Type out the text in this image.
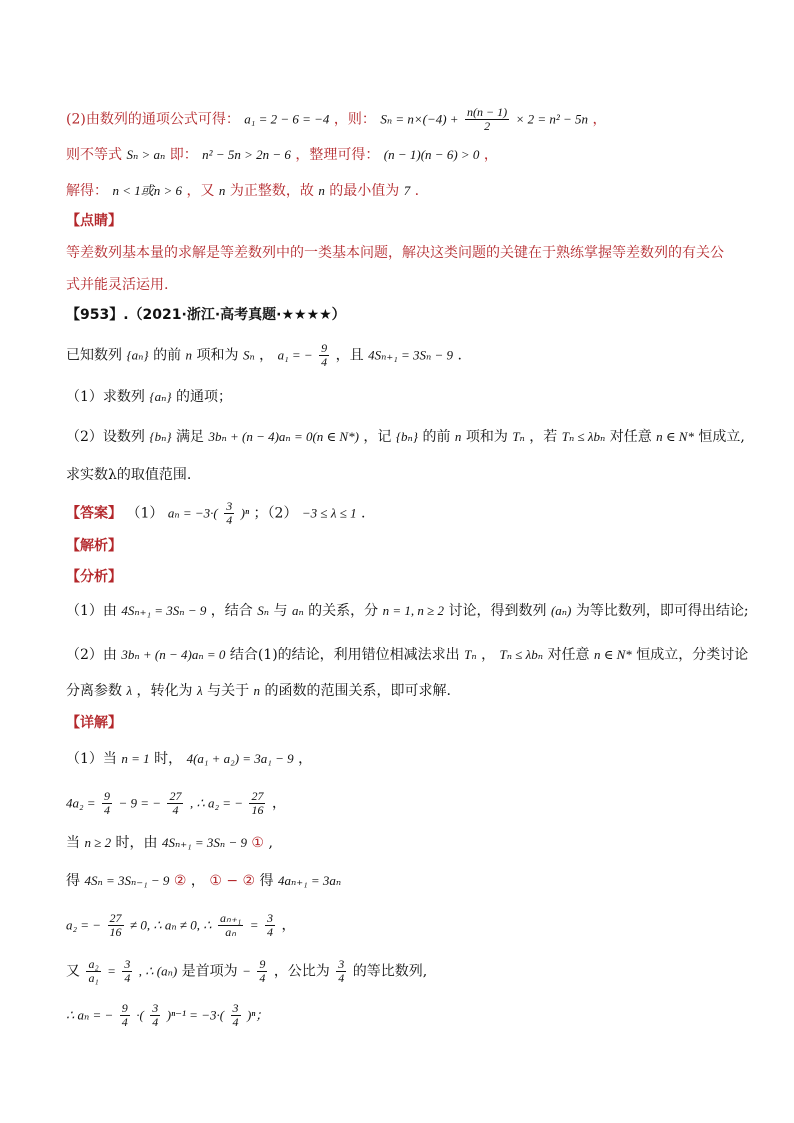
(2)由数列的通项公式可得： a₁ = 2 − 6 = −4 ，则： $S_n = n\times(-4) + \frac{n(n - 1)}{2} \times 2 = n^2 - 5n$ ，
则不等式 Sₙ > aₙ 即： n² − 5n > 2n − 6 ，整理可得： (n − 1)(n − 6) > 0 ，
解得： n < 1或n > 6 ，又 n 为正整数，故 n 的最小值为 7 .
【点睛】
等差数列基本量的求解是等差数列中的一类基本问题，解决这类问题的关键在于熟练掌握等差数列的有关公
式并能灵活运用.
【953】.（2021·浙江·高考真题·★★★★）
已知数列 {aₙ} 的前 n 项和为 Sₙ ， a₁ = − $\frac{9}{4}$ ，且 4Sₙ₊₁ = 3Sₙ − 9 .
（1）求数列 {aₙ} 的通项；
（2）设数列 {bₙ} 满足 3bₙ + (n − 4)aₙ = 0(n ∈ N*) ，记 {bₙ} 的前 n 项和为 Tₙ ，若 Tₙ ≤ λbₙ 对任意 n ∈ N* 恒成立,
求实数λ的取值范围.
【答案】 （1） $a_n = -3\cdot( \frac{3}{4} )^n$ ；（2） −3 ≤ λ ≤ 1 .
【解析】
【分析】
（1）由 4Sₙ₊₁ = 3Sₙ − 9 ，结合 Sₙ 与 aₙ 的关系，分 n = 1, n ≥ 2 讨论，得到数列 (aₙ) 为等比数列，即可得出结论;
（2）由 3bₙ + (n − 4)aₙ = 0 结合(1)的结论，利用错位相减法求出 Tₙ ， Tₙ ≤ λbₙ 对任意 n ∈ N* 恒成立，分类讨论
分离参数 λ ，转化为 λ 与关于 n 的函数的范围关系，即可求解.
【详解】
（1）当 n = 1 时， 4(a₁ + a₂) = 3a₁ − 9 ，
$4a_2 = \frac{9}{4} - 9$ = − $\frac{27}{4}$ , ∴ a₂ = − $\frac{27}{16}$ ，
当 n ≥ 2 时，由 4Sₙ₊₁ = 3Sₙ − 9 ① ,
得 4Sₙ = 3Sₙ₋₁ − 9 ② ， ① − ② 得 4aₙ₊₁ = 3aₙ
a₂ = − $\frac{27}{16} \ne 0$, ∴ aₙ ≠ 0, ∴ $\frac{\text{aₙ₊₁}}{\text{aₙ}} = \frac{3}{4}$ ，
又 $\frac{\text{a₂}}{\text{a₁}} = \frac{3}{4}$ , ∴ (aₙ) 是首项为 − $\frac{9}{4}$ ，公比为 $\frac{3}{4}$ 的等比数列,
∴ aₙ = − $\frac{9}{4}$ ·( $\frac{3}{4} )^{n-1} = -3\cdot( \frac{3}{4} )^n$；
